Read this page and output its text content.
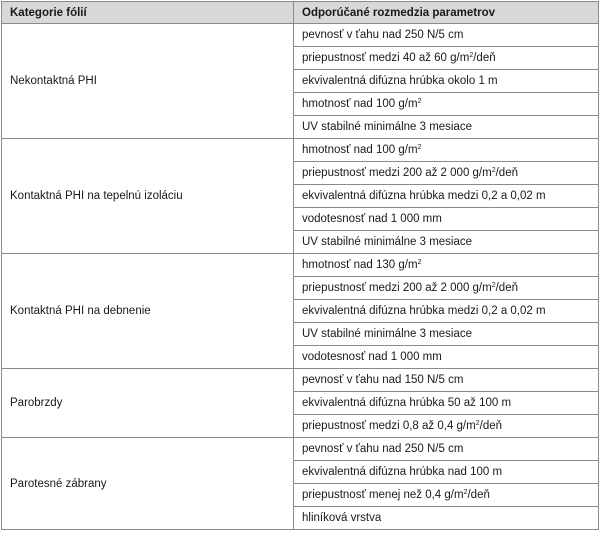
Kategorie fólií	Odporúčané rozmedzia parametrov
Nekontaktná PHI	pevnosť v ťahu nad 250 N/5 cm
	priepustnosť medzi 40 až 60 $g/m^2$/deň
	ekvivalentná difúzna hrúbka okolo 1 m
	hmotnosť nad 100 $g/m^2$
	UV stabilné minimálne 3 mesiace
Kontaktná PHI na tepelnú izoláciu	hmotnosť nad 100 $g/m^2$
	priepustnosť medzi 200 až 2 000 $g/m^2$/deň
	ekvivalentná difúzna hrúbka medzi 0,2 a 0,02 m
	vodotesnosť nad 1 000 mm
	UV stabilné minimálne 3 mesiace
Kontaktná PHI na debnenie	hmotnosť nad 130 $g/m^2$
	priepustnosť medzi 200 až 2 000 $g/m^2$/deň
	ekvivalentná difúzna hrúbka medzi 0,2 a 0,02 m
	UV stabilné minimálne 3 mesiace
	vodotesnosť nad 1 000 mm
Parobrzdy	pevnosť v ťahu nad 150 N/5 cm
	ekvivalentná difúzna hrúbka 50 až 100 m
	priepustnosť medzi 0,8 až 0,4 $g/m^2$/deň
Parotesné zábrany	pevnosť v ťahu nad 250 N/5 cm
	ekvivalentná difúzna hrúbka nad 100 m
	priepustnosť menej než 0,4 $g/m^2$/deň
	hliníková vrstva
